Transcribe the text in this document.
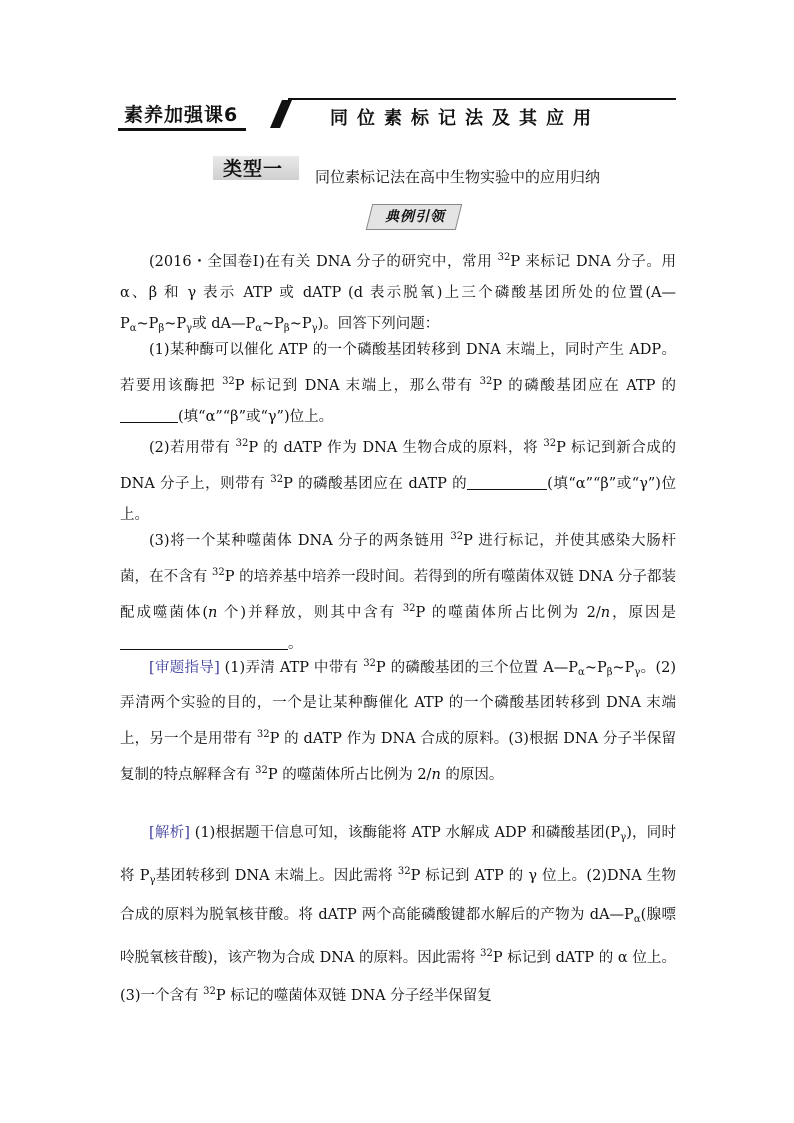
素养加强课6	同位素标记法及其应用
类型一 同位素标记法在高中生物实验中的应用归纳
典例引领

(2016・全国卷Ⅰ)在有关 DNA 分子的研究中，常用 $^{32}$P 来标记 DNA 分子。用 α、β 和 γ 表示 ATP 或 dATP (d 表示脱氧)上三个磷酸基团所处的位置($A—P_\alpha\sim P_\beta\sim P_\gamma$或 $dA—P_\alpha\sim P_\beta\sim P_\gamma$)。回答下列问题：

(1)某种酶可以催化 ATP 的一个磷酸基团转移到 DNA 末端上，同时产生 ADP。若要用该酶把 $^{32}$P 标记到 DNA 末端上，那么带有 $^{32}$P 的磷酸基团应在 ATP 的(填“α”“β”或“γ”)位上。

(2)若用带有 $^{32}$P 的 dATP 作为 DNA 生物合成的原料，将 $^{32}$P 标记到新合成的 DNA 分子上，则带有 $^{32}$P 的磷酸基团应在 dATP 的	(填“α”“β”或“γ”)位上。

(3)将一个某种噬菌体 DNA 分子的两条链用 $^{32}$P 进行标记，并使其感染大肠杆菌，在不含有 $^{32}$P 的培养基中培养一段时间。若得到的所有噬菌体双链 DNA 分子都装配成噬菌体(n 个)并释放，则其中含有 $^{32}$P 的噬菌体所占比例为 2/n，原因是。

[审题指导] (1)弄清 ATP 中带有 $^{32}$P 的磷酸基团的三个位置 $A—P_\alpha\sim P_\beta\sim P_\gamma$。(2)弄清两个实验的目的，一个是让某种酶催化 ATP 的一个磷酸基团转移到 DNA 末端上，另一个是用带有 $^{32}$P 的 dATP 作为 DNA 合成的原料。(3)根据 DNA 分子半保留复制的特点解释含有 $^{32}$P 的噬菌体所占比例为 2/n 的原因。

[解析] (1)根据题干信息可知，该酶能将 ATP 水解成 ADP 和磷酸基团$(P_\gamma)$，同时将 $P_\gamma$基团转移到 DNA 末端上。因此需将 $^{32}$P 标记到 ATP 的 γ 位上。(2)DNA 生物合成的原料为脱氧核苷酸。将 dATP 两个高能磷酸键都水解后的产物为 $dA—P_\alpha$(腺嘌呤脱氧核苷酸)，该产物为合成 DNA 的原料。因此需将 $^{32}$P 标记到 dATP 的 α 位上。(3)一个含有 $^{32}$P 标记的噬菌体双链 DNA 分子经半保留复
